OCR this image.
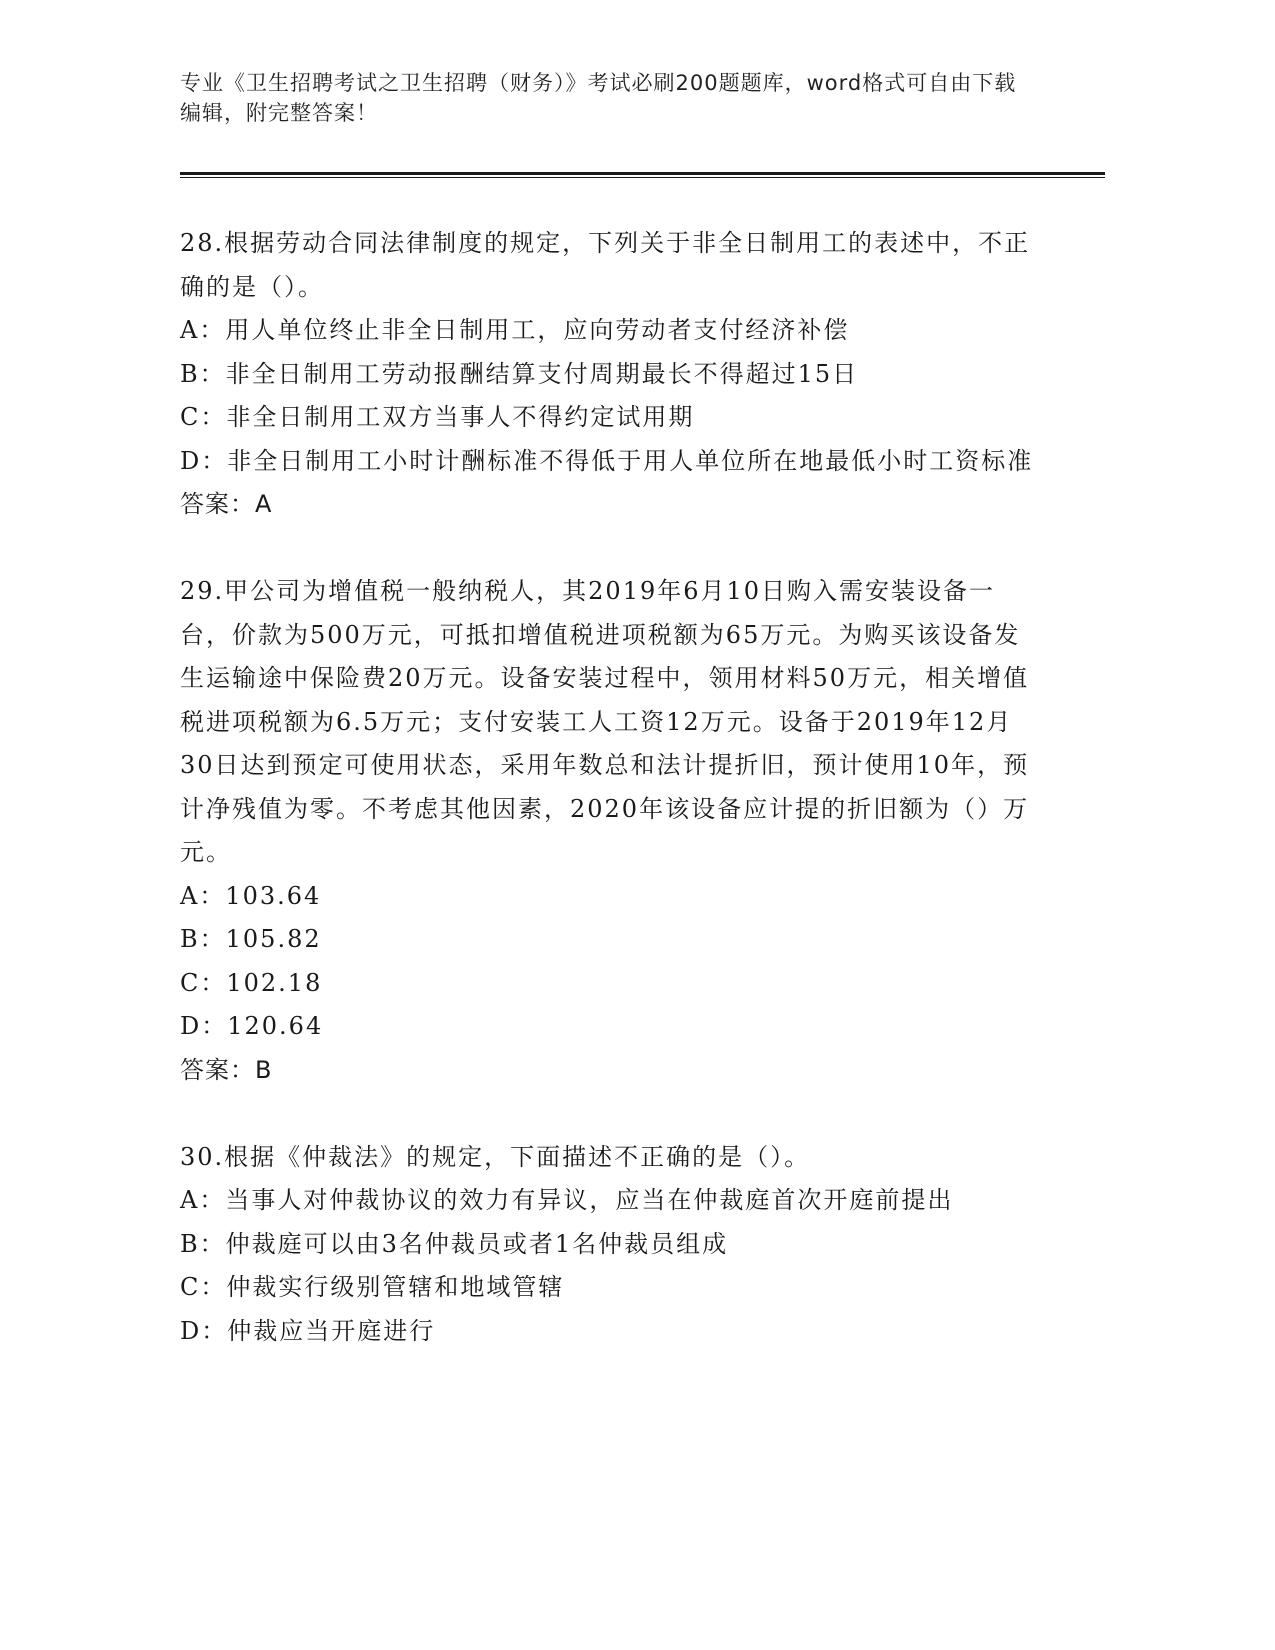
专业《卫生招聘考试之卫生招聘（财务）》考试必刷200题题库，word格式可自由下载编辑，附完整答案！

28.根据劳动合同法律制度的规定，下列关于非全日制用工的表述中，不正确的是（）。

A：用人单位终止非全日制用工，应向劳动者支付经济补偿

B：非全日制用工劳动报酬结算支付周期最长不得超过15日

C：非全日制用工双方当事人不得约定试用期

D：非全日制用工小时计酬标准不得低于用人单位所在地最低小时工资标准

答案：A

29.甲公司为增值税一般纳税人，其2019年6月10日购入需安装设备一台，价款为500万元，可抵扣增值税进项税额为65万元。为购买该设备发生运输途中保险费20万元。设备安装过程中，领用材料50万元，相关增值税进项税额为6.5万元；支付安装工人工资12万元。设备于2019年12月30日达到预定可使用状态，采用年数总和法计提折旧，预计使用10年，预计净残值为零。不考虑其他因素，2020年该设备应计提的折旧额为（）万元。

A：103.64

B：105.82

C：102.18

D：120.64

答案：B

30.根据《仲裁法》的规定，下面描述不正确的是（）。

A：当事人对仲裁协议的效力有异议，应当在仲裁庭首次开庭前提出

B：仲裁庭可以由3名仲裁员或者1名仲裁员组成

C：仲裁实行级别管辖和地域管辖

D：仲裁应当开庭进行
